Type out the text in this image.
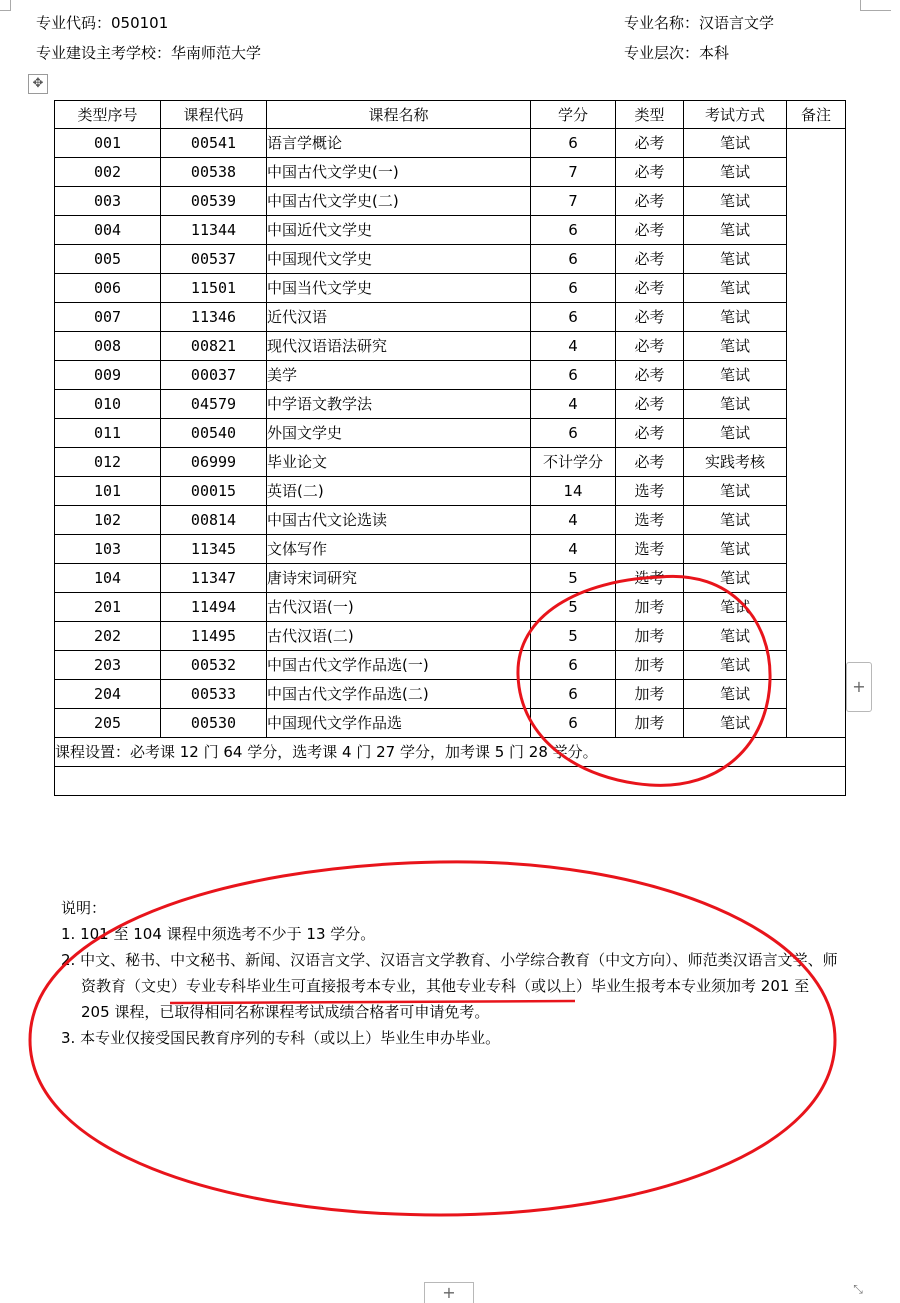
专业代码：050101	专业名称：汉语言文学
专业建设主考学校：华南师范大学	专业层次：本科
✥
类型序号	课程代码	课程名称	学分	类型	考试方式	备注
001	00541	语言学概论	6	必考	笔试	
002	00538	中国古代文学史(一)	7	必考	笔试	
003	00539	中国古代文学史(二)	7	必考	笔试	
004	11344	中国近代文学史	6	必考	笔试	
005	00537	中国现代文学史	6	必考	笔试	
006	11501	中国当代文学史	6	必考	笔试	
007	11346	近代汉语	6	必考	笔试	
008	00821	现代汉语语法研究	4	必考	笔试	
009	00037	美学	6	必考	笔试	
010	04579	中学语文教学法	4	必考	笔试	
011	00540	外国文学史	6	必考	笔试	
012	06999	毕业论文	不计学分	必考	实践考核	
101	00015	英语(二)	14	选考	笔试	
102	00814	中国古代文论选读	4	选考	笔试	
103	11345	文体写作	4	选考	笔试	
104	11347	唐诗宋词研究	5	选考	笔试	
201	11494	古代汉语(一)	5	加考	笔试	
202	11495	古代汉语(二)	5	加考	笔试	
203	00532	中国古代文学作品选(一)	6	加考	笔试	
204	00533	中国古代文学作品选(二)	6	加考	笔试	
205	00530	中国现代文学作品选	6	加考	笔试	
课程设置：必考课 12 门 64 学分，选考课 4 门 27 学分，加考课 5 门 28 学分。						

说明：
1. 101 至 104 课程中须选考不少于 13 学分。
2. 中文、秘书、中文秘书、新闻、汉语言文学、汉语言文学教育、小学综合教育（中文方向）、师范类汉语言文学、师资教育（文史）专业专科毕业生可直接报考本专业，其他专业专科（或以上）毕业生报考本专业须加考 201 至 205 课程，已取得相同名称课程考试成绩合格者可申请免考。
3. 本专业仅接受国民教育序列的专科（或以上）毕业生申办毕业。						
+
+	⤡
